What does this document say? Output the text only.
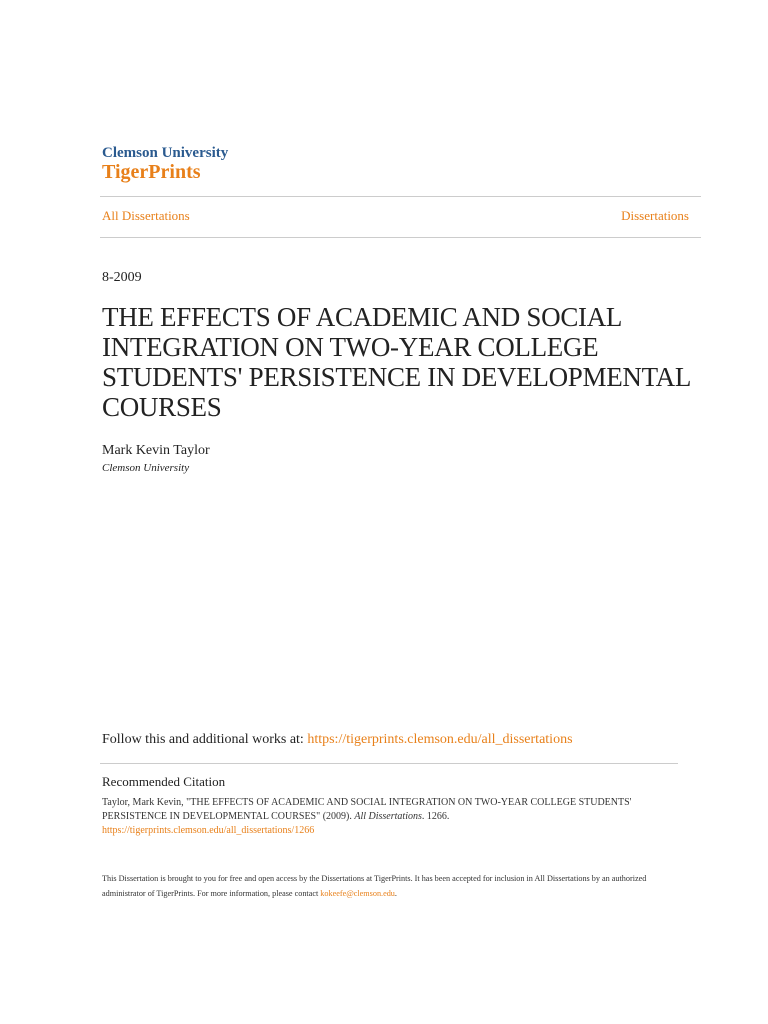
Clemson University
TigerPrints
All Dissertations	Dissertations
8-2009
THE EFFECTS OF ACADEMIC AND SOCIAL INTEGRATION ON TWO-YEAR COLLEGE STUDENTS' PERSISTENCE IN DEVELOPMENTAL COURSES
Mark Kevin Taylor
Clemson University
Follow this and additional works at: https://tigerprints.clemson.edu/all_dissertations
Recommended Citation
Taylor, Mark Kevin, "THE EFFECTS OF ACADEMIC AND SOCIAL INTEGRATION ON TWO-YEAR COLLEGE STUDENTS' PERSISTENCE IN DEVELOPMENTAL COURSES" (2009). All Dissertations. 1266.
https://tigerprints.clemson.edu/all_dissertations/1266
This Dissertation is brought to you for free and open access by the Dissertations at TigerPrints. It has been accepted for inclusion in All Dissertations by an authorized administrator of TigerPrints. For more information, please contact kokeefe@clemson.edu.
